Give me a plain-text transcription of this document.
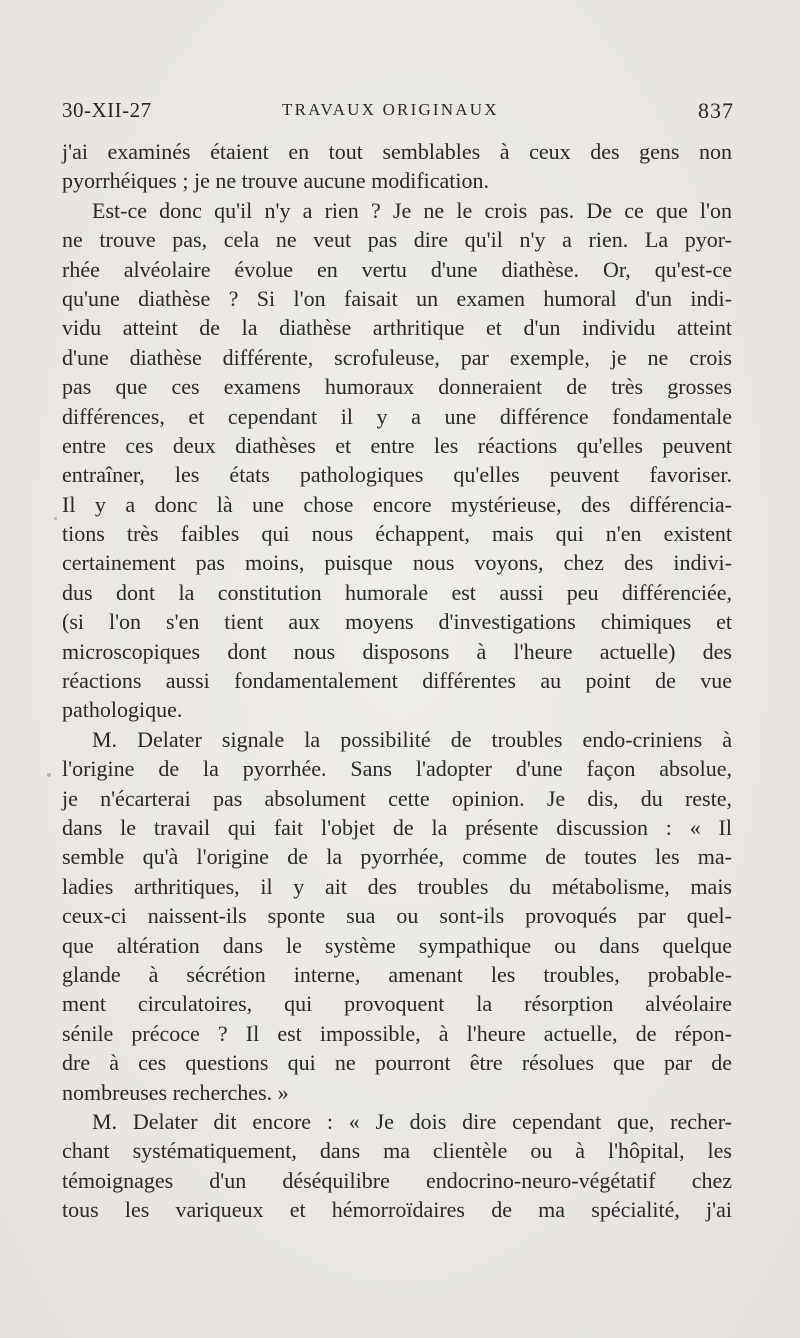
30-XII-27	TRAVAUX ORIGINAUX	837
j'ai examinés étaient en tout semblables à ceux des gens non
pyorrhéiques ; je ne trouve aucune modification.
Est-ce donc qu'il n'y a rien ? Je ne le crois pas. De ce que l'on
ne trouve pas, cela ne veut pas dire qu'il n'y a rien. La pyor-
rhée alvéolaire évolue en vertu d'une diathèse. Or, qu'est-ce
qu'une diathèse ? Si l'on faisait un examen humoral d'un indi-
vidu atteint de la diathèse arthritique et d'un individu atteint
d'une diathèse différente, scrofuleuse, par exemple, je ne crois
pas que ces examens humoraux donneraient de très grosses
différences, et cependant il y a une différence fondamentale
entre ces deux diathèses et entre les réactions qu'elles peuvent
entraîner, les états pathologiques qu'elles peuvent favoriser.
Il y a donc là une chose encore mystérieuse, des différencia-
tions très faibles qui nous échappent, mais qui n'en existent
certainement pas moins, puisque nous voyons, chez des indivi-
dus dont la constitution humorale est aussi peu différenciée,
(si l'on s'en tient aux moyens d'investigations chimiques et
microscopiques dont nous disposons à l'heure actuelle) des
réactions aussi fondamentalement différentes au point de vue
pathologique.
M. Delater signale la possibilité de troubles endo-criniens à
l'origine de la pyorrhée. Sans l'adopter d'une façon absolue,
je n'écarterai pas absolument cette opinion. Je dis, du reste,
dans le travail qui fait l'objet de la présente discussion : « Il
semble qu'à l'origine de la pyorrhée, comme de toutes les ma-
ladies arthritiques, il y ait des troubles du métabolisme, mais
ceux-ci naissent-ils sponte sua ou sont-ils provoqués par quel-
que altération dans le système sympathique ou dans quelque
glande à sécrétion interne, amenant les troubles, probable-
ment circulatoires, qui provoquent la résorption alvéolaire
sénile précoce ? Il est impossible, à l'heure actuelle, de répon-
dre à ces questions qui ne pourront être résolues que par de
nombreuses recherches. »
M. Delater dit encore : « Je dois dire cependant que, recher-
chant systématiquement, dans ma clientèle ou à l'hôpital, les
témoignages d'un déséquilibre endocrino-neuro-végétatif chez
tous les variqueux et hémorroïdaires de ma spécialité, j'ai
